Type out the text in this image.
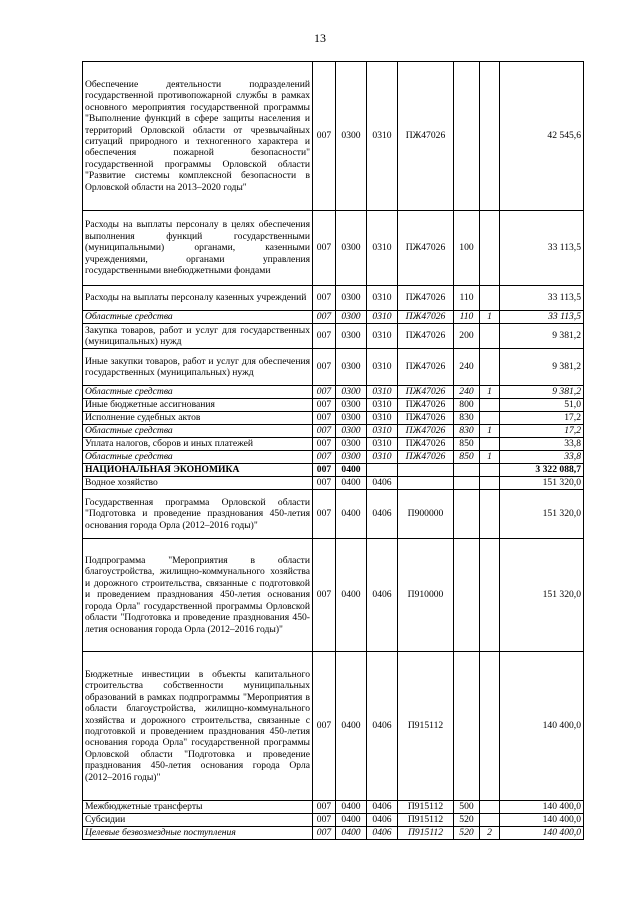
13
Обеспечение деятельности подразделений государственной противопожарной службы в рамках основного мероприятия государственной программы "Выполнение функций в сфере защиты населения и территорий Орловской области от чрезвычайных ситуаций природного и техногенного характера и обеспечения пожарной безопасности" государственной программы Орловской области "Развитие системы комплексной безопасности в Орловской области на 2013–2020 годы"	007	0300	0310	ПЖ47026			42 545,6
Расходы на выплаты персоналу в целях обеспечения выполнения функций государственными (муниципальными) органами, казенными учреждениями, органами управления государственными внебюджетными фондами	007	0300	0310	ПЖ47026	100		33 113,5
Расходы на выплаты персоналу казенных учреждений	007	0300	0310	ПЖ47026	110		33 113,5
Областные средства	007	0300	0310	ПЖ47026	110	1	33 113,5
Закупка товаров, работ и услуг для государственных (муниципальных) нужд	007	0300	0310	ПЖ47026	200		9 381,2
Иные закупки товаров, работ и услуг для обеспечения государственных (муниципальных) нужд	007	0300	0310	ПЖ47026	240		9 381,2
Областные средства	007	0300	0310	ПЖ47026	240	1	9 381,2
Иные бюджетные ассигнования	007	0300	0310	ПЖ47026	800		51,0
Исполнение судебных актов	007	0300	0310	ПЖ47026	830		17,2
Областные средства	007	0300	0310	ПЖ47026	830	1	17,2
Уплата налогов, сборов и иных платежей	007	0300	0310	ПЖ47026	850		33,8
Областные средства	007	0300	0310	ПЖ47026	850	1	33,8
НАЦИОНАЛЬНАЯ ЭКОНОМИКА	007	0400					3 322 088,7
Водное хозяйство	007	0400	0406				151 320,0
Государственная программа Орловской области "Подготовка и проведение празднования 450-летия основания города Орла (2012–2016 годы)"	007	0400	0406	П900000			151 320,0
Подпрограмма "Мероприятия в области благоустройства, жилищно-коммунального хозяйства и дорожного строительства, связанные с подготовкой и проведением празднования 450-летия основания города Орла" государственной программы Орловской области "Подготовка и проведение празднования 450-летия основания города Орла (2012–2016 годы)"	007	0400	0406	П910000			151 320,0
Бюджетные инвестиции в объекты капитального строительства собственности муниципальных образований в рамках подпрограммы "Мероприятия в области благоустройства, жилищно-коммунального хозяйства и дорожного строительства, связанные с подготовкой и проведением празднования 450-летия основания города Орла" государственной программы Орловской области "Подготовка и проведение празднования 450-летия основания города Орла (2012–2016 годы)"	007	0400	0406	П915112			140 400,0
Межбюджетные трансферты	007	0400	0406	П915112	500		140 400,0
Субсидии	007	0400	0406	П915112	520		140 400,0
Целевые безвозмездные поступления	007	0400	0406	П915112	520	2	140 400,0
